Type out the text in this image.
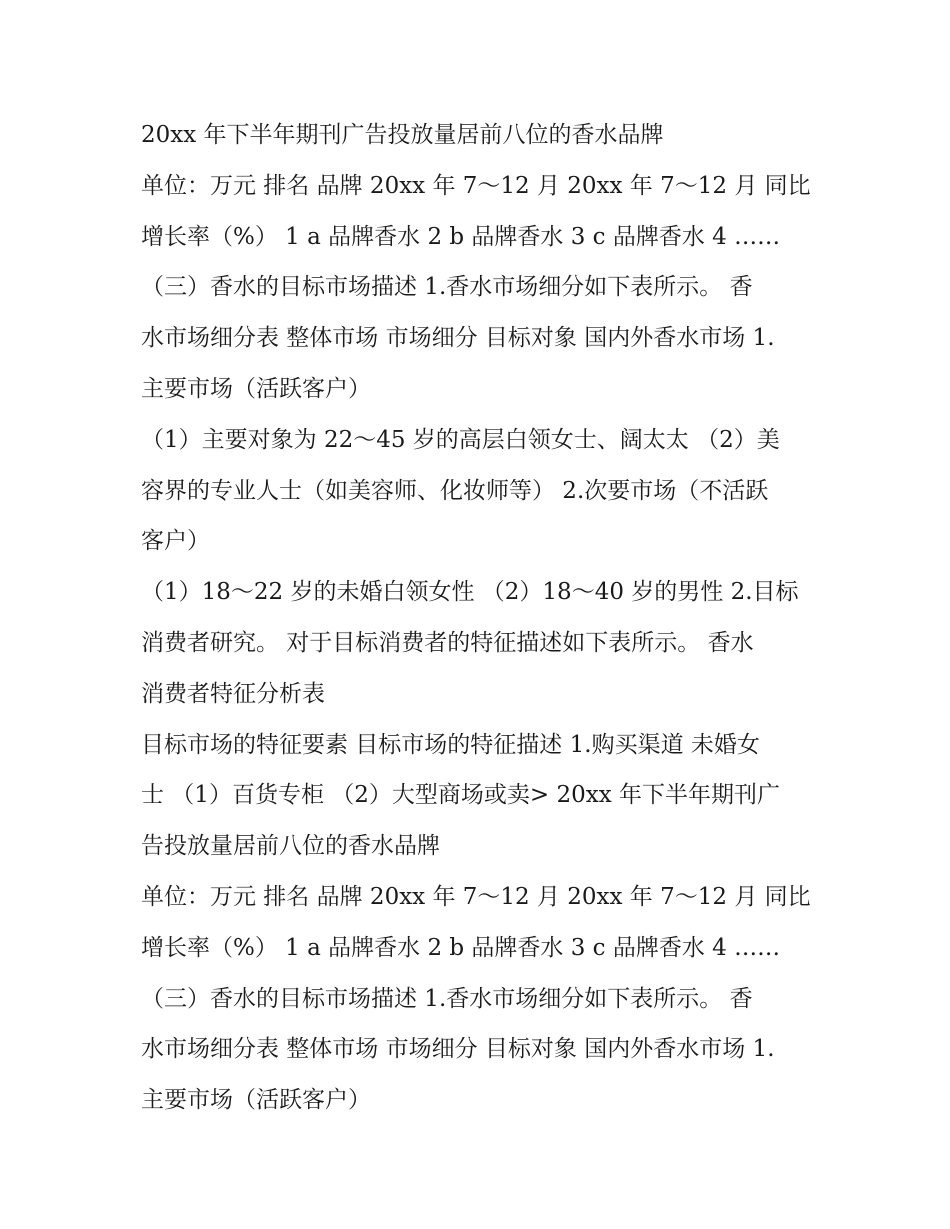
20xx 年下半年期刊广告投放量居前八位的香水品牌
单位：万元 排名 品牌 20xx 年 7～12 月 20xx 年 7～12 月 同比
增长率（%） 1 a 品牌香水 2 b 品牌香水 3 c 品牌香水 4 ……
（三）香水的目标市场描述 1.香水市场细分如下表所示。 香
水市场细分表 整体市场 市场细分 目标对象 国内外香水市场 1.
主要市场（活跃客户）
（1）主要对象为 22～45 岁的高层白领女士、阔太太 （2）美
容界的专业人士（如美容师、化妆师等） 2.次要市场（不活跃
客户）
（1）18～22 岁的未婚白领女性 （2）18～40 岁的男性 2.目标
消费者研究。 对于目标消费者的特征描述如下表所示。 香水
消费者特征分析表
目标市场的特征要素 目标市场的特征描述 1.购买渠道 未婚女
士 （1）百货专柜 （2）大型商场或卖> 20xx 年下半年期刊广
告投放量居前八位的香水品牌
单位：万元 排名 品牌 20xx 年 7～12 月 20xx 年 7～12 月 同比
增长率（%） 1 a 品牌香水 2 b 品牌香水 3 c 品牌香水 4 ……
（三）香水的目标市场描述 1.香水市场细分如下表所示。 香
水市场细分表 整体市场 市场细分 目标对象 国内外香水市场 1.
主要市场（活跃客户）
